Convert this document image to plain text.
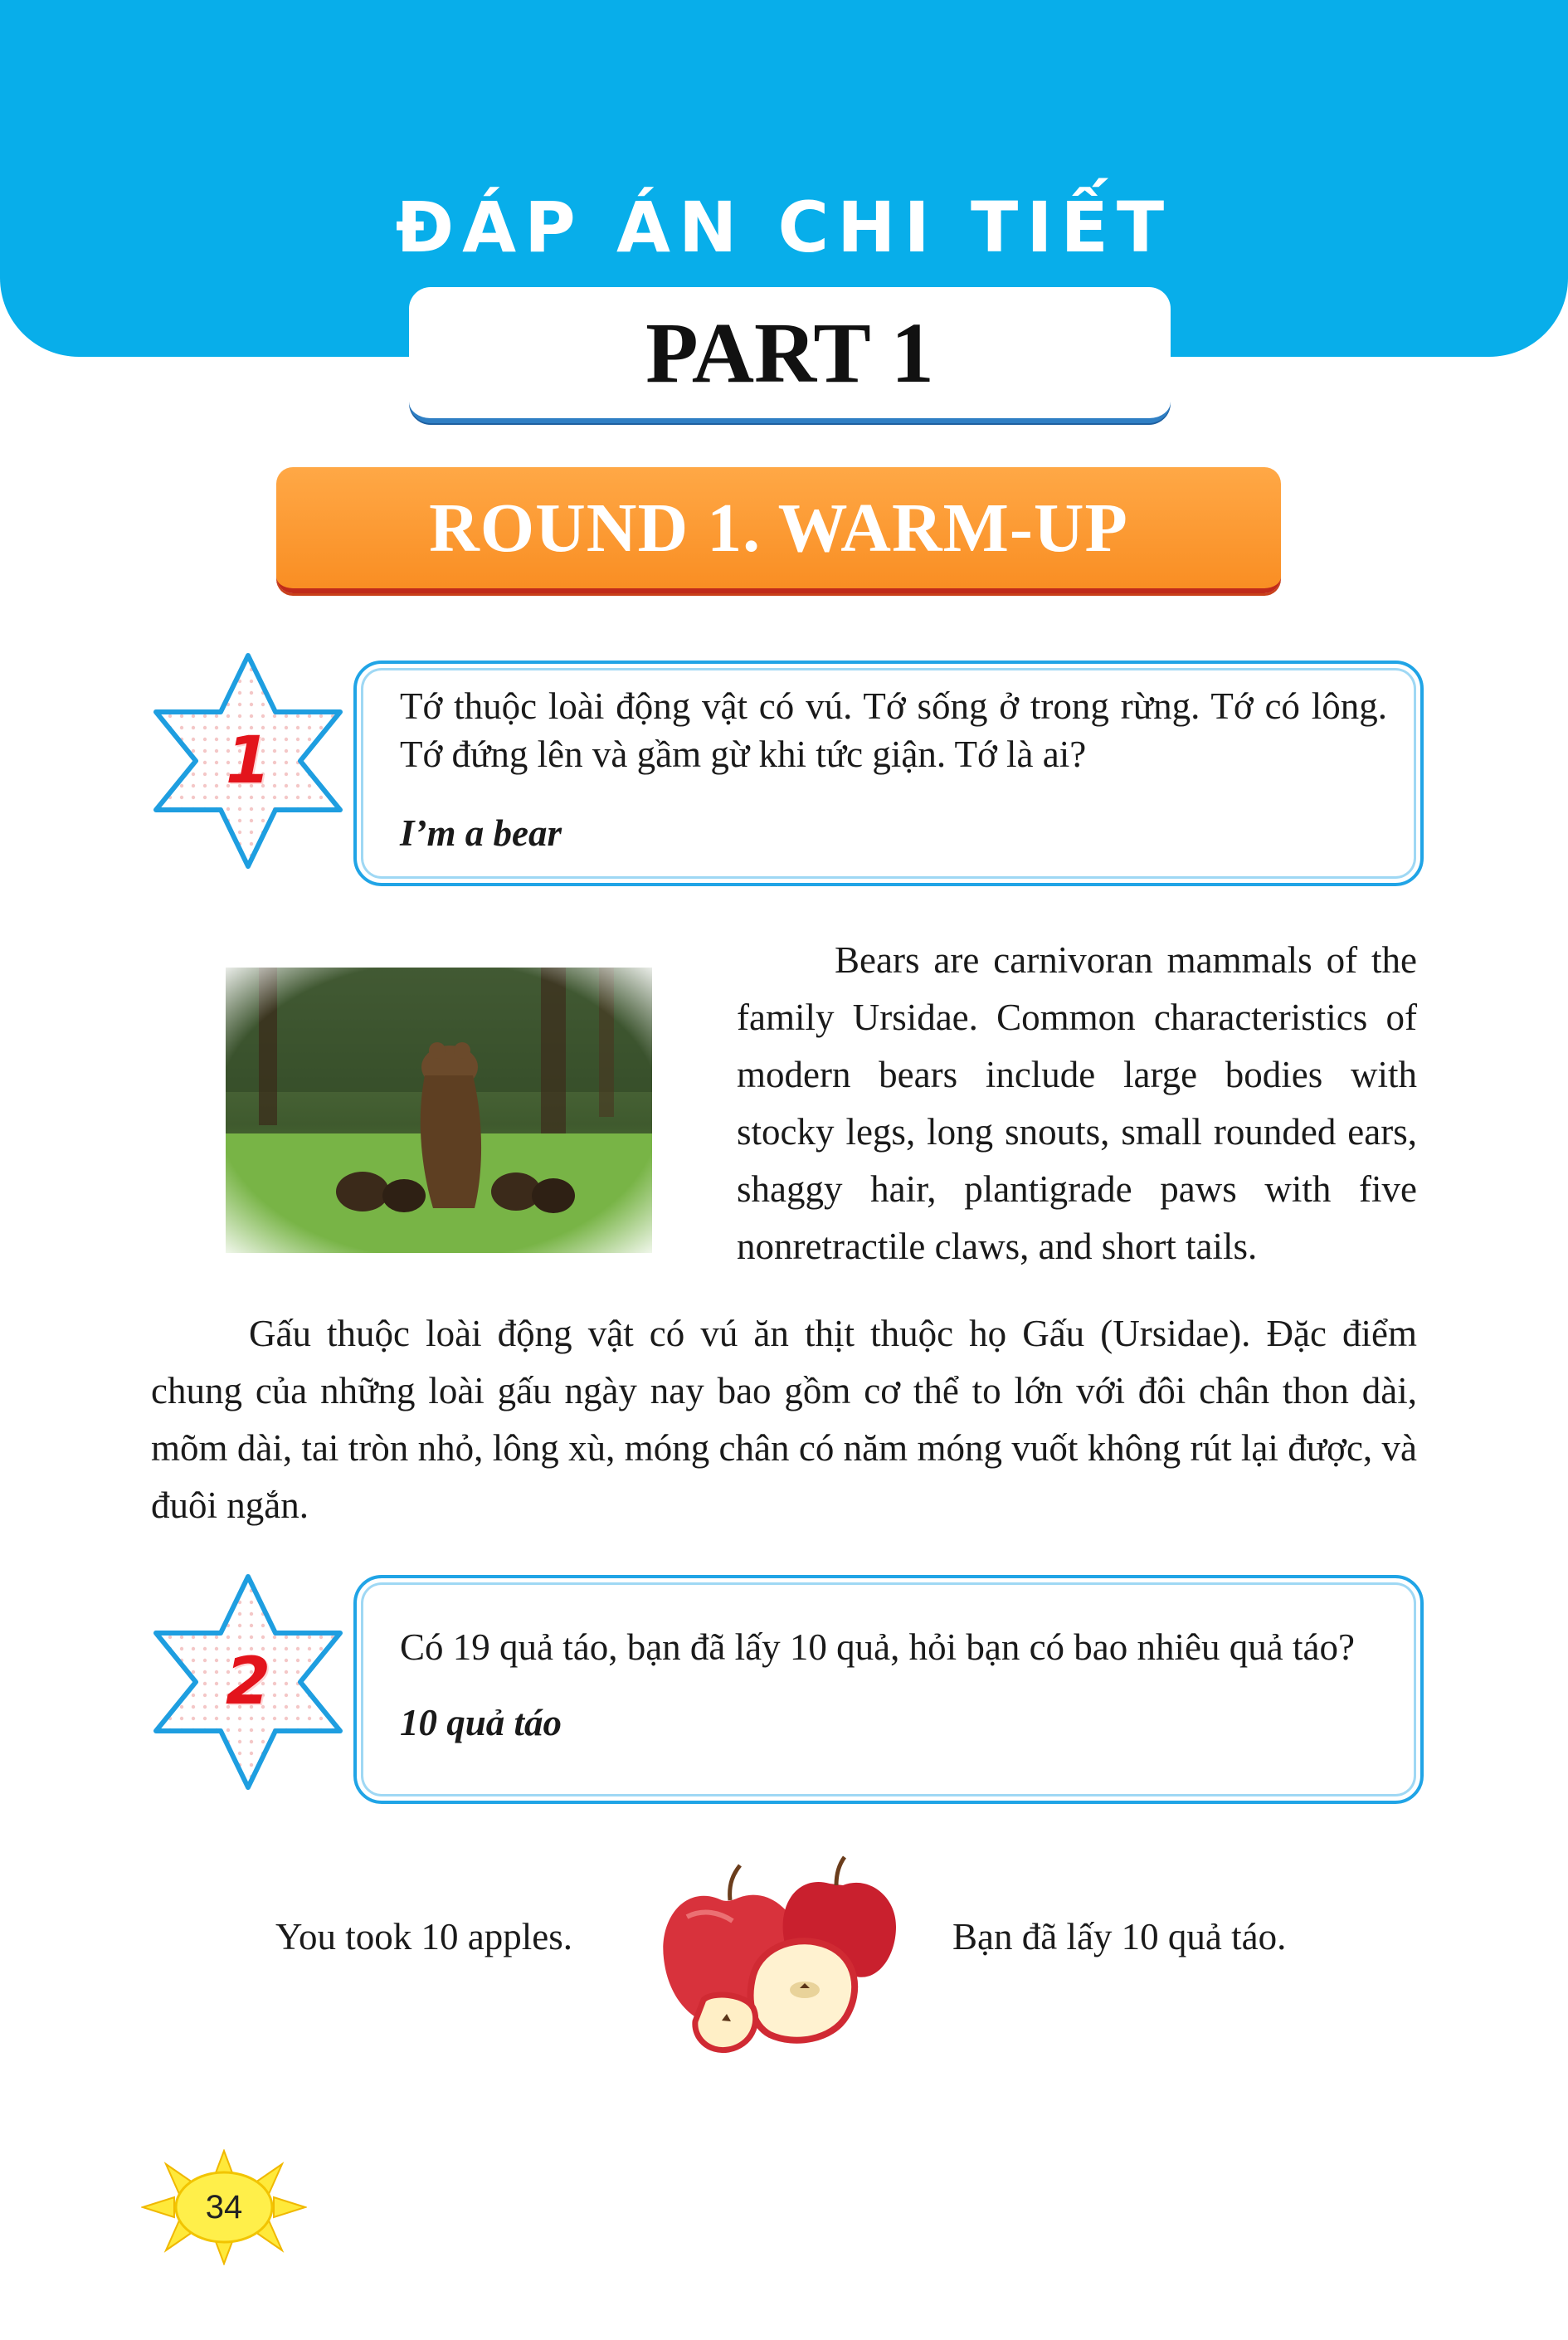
ĐÁP ÁN CHI TIẾT
PART 1
ROUND 1. WARM-UP
1
Tớ thuộc loài động vật có vú. Tớ sống ở trong rừng. Tớ có lông. Tớ đứng lên và gầm gừ khi tức giận. Tớ là ai?
I’m a bear
Bears are carnivoran mammals of the family Ursidae. Common characteristics of modern bears include large bodies with stocky legs, long snouts, small rounded ears, shaggy hair, plantigrade paws with five nonretractile claws, and short tails.
Gấu thuộc loài động vật có vú ăn thịt thuộc họ Gấu (Ursidae). Đặc điểm chung của những loài gấu ngày nay bao gồm cơ thể to lớn với đôi chân thon dài, mõm dài, tai tròn nhỏ, lông xù, móng chân có năm móng vuốt không rút lại được, và đuôi ngắn.
2	Có 19 quả táo, bạn đã lấy 10 quả, hỏi bạn có bao nhiêu quả táo?
10 quả táo
You took 10 apples.	Bạn đã lấy 10 quả táo.
34
